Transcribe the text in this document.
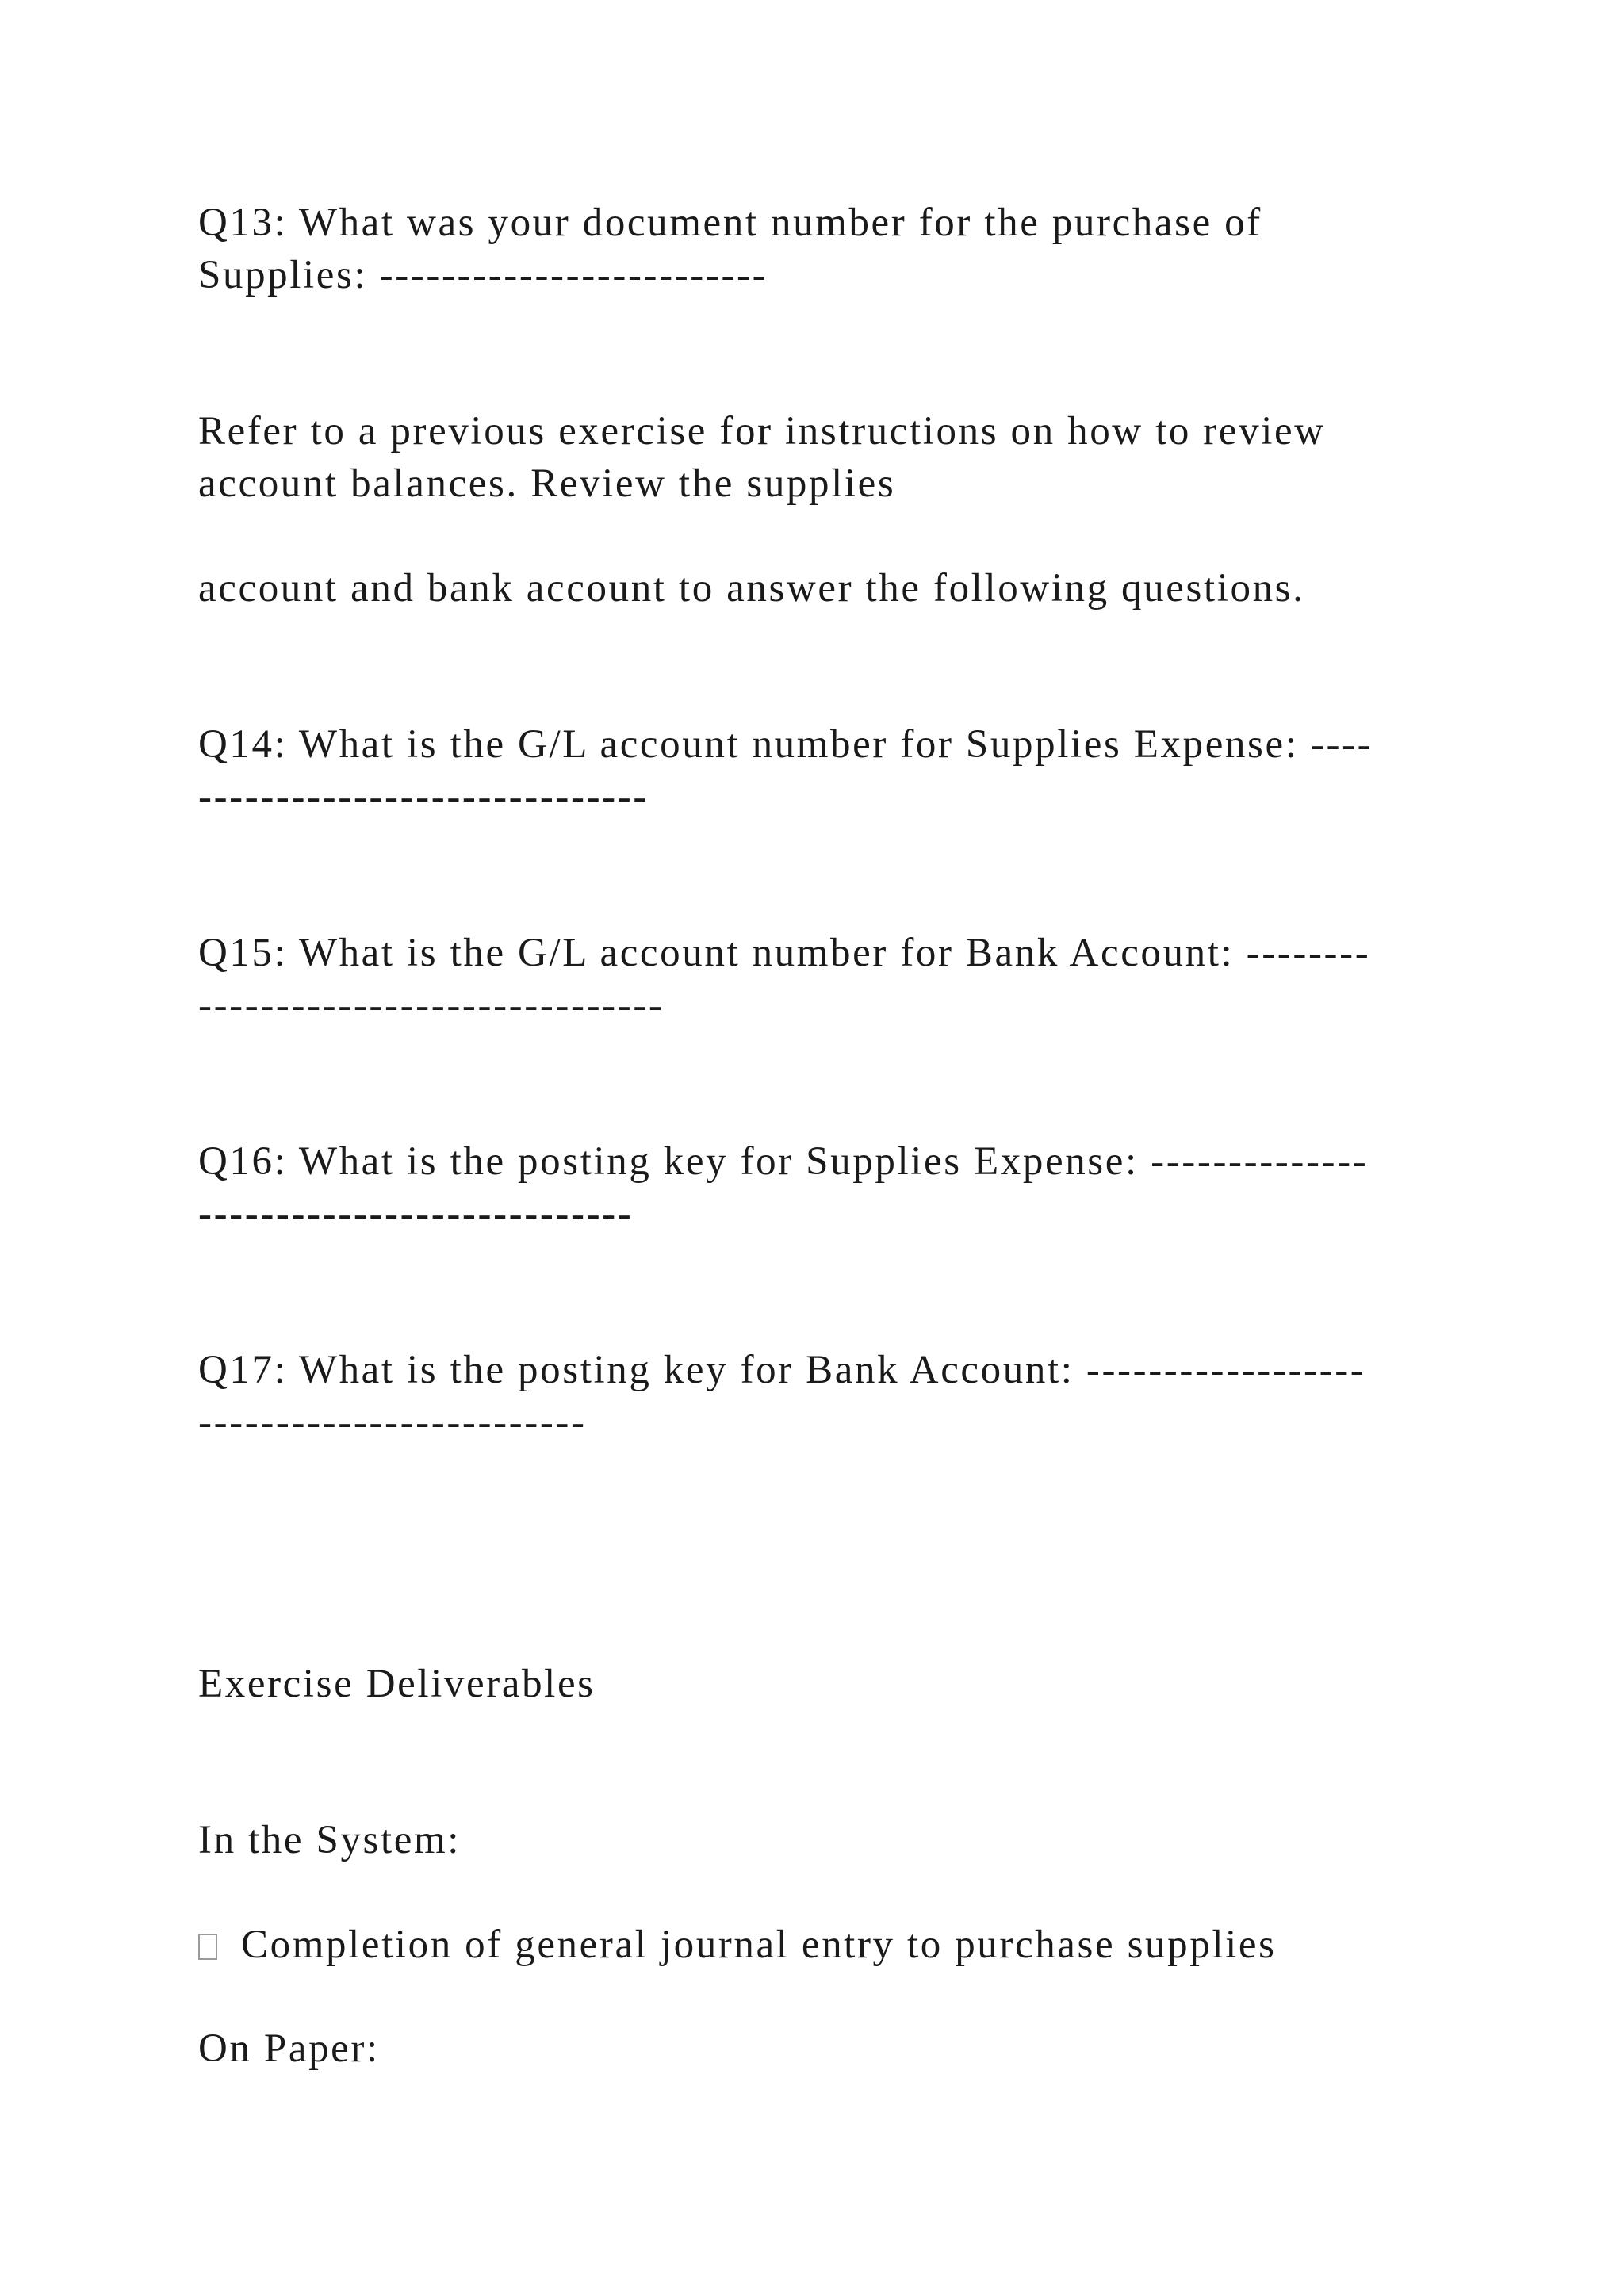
Q13: What was your document number for the purchase of

Supplies: -------------------------

Refer to a previous exercise for instructions on how to review

account balances. Review the supplies

account and bank account to answer the following questions.

Q14: What is the G/L account number for Supplies Expense: ----

-----------------------------

Q15: What is the G/L account number for Bank Account: --------

------------------------------

Q16: What is the posting key for Supplies Expense: --------------

----------------------------

Q17: What is the posting key for Bank Account: ------------------

-------------------------

Exercise Deliverables

In the System:

Completion of general journal entry to purchase supplies

On Paper:
